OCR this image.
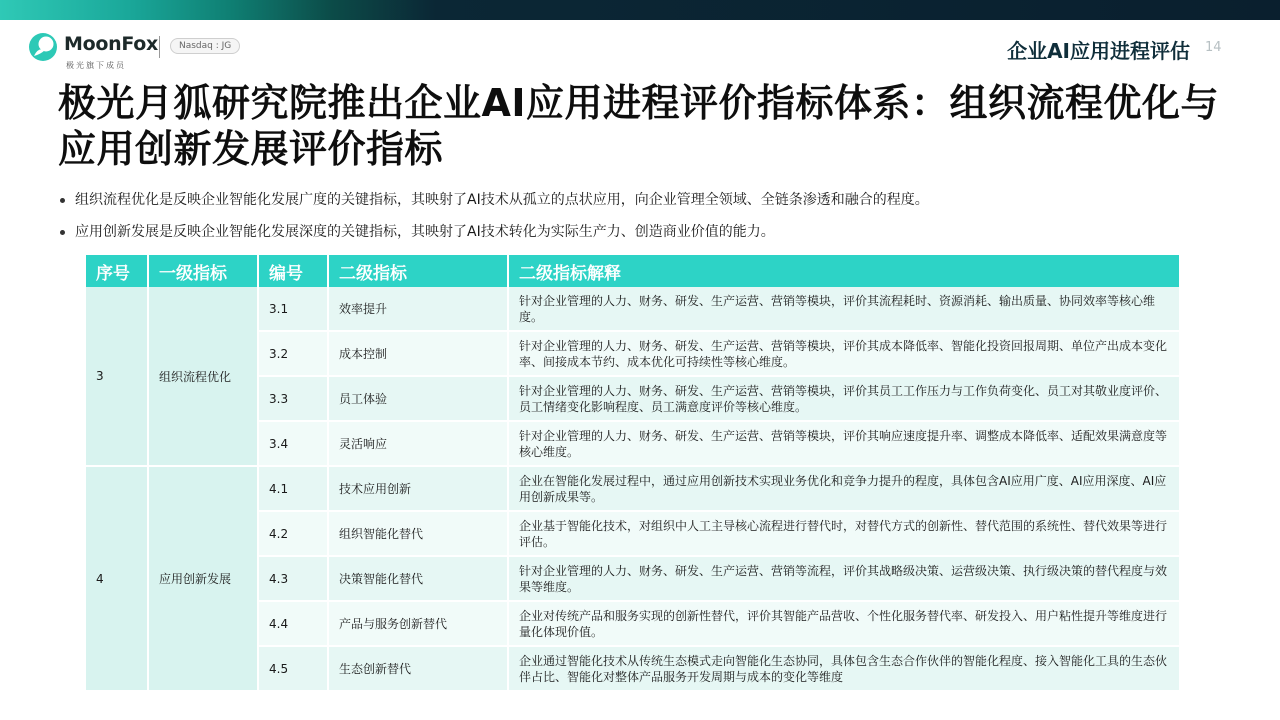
MoonFox
极光旗下成员
Nasdaq : JG	企业AI应用进程评估 14
极光月狐研究院推出企业AI应用进程评价指标体系：组织流程优化与应用创新发展评价指标
组织流程优化是反映企业智能化发展广度的关键指标，其映射了AI技术从孤立的点状应用，向企业管理全领域、全链条渗透和融合的程度。
应用创新发展是反映企业智能化发展深度的关键指标，其映射了AI技术转化为实际生产力、创造商业价值的能力。
序号	一级指标	编号	二级指标	二级指标解释
3	组织流程优化	3.1	效率提升	针对企业管理的人力、财务、研发、生产运营、营销等模块，评价其流程耗时、资源消耗、输出质量、协同效率等核心维度。
		3.2	成本控制	针对企业管理的人力、财务、研发、生产运营、营销等模块，评价其成本降低率、智能化投资回报周期、单位产出成本变化率、间接成本节约、成本优化可持续性等核心维度。
		3.3	员工体验	针对企业管理的人力、财务、研发、生产运营、营销等模块，评价其员工工作压力与工作负荷变化、员工对其敬业度评价、员工情绪变化影响程度、员工满意度评价等核心维度。
		3.4	灵活响应	针对企业管理的人力、财务、研发、生产运营、营销等模块，评价其响应速度提升率、调整成本降低率、适配效果满意度等核心维度。
4	应用创新发展	4.1	技术应用创新	企业在智能化发展过程中，通过应用创新技术实现业务优化和竞争力提升的程度，具体包含AI应用广度、AI应用深度、AI应用创新成果等。
		4.2	组织智能化替代	企业基于智能化技术，对组织中人工主导核心流程进行替代时，对替代方式的创新性、替代范围的系统性、替代效果等进行评估。
		4.3	决策智能化替代	针对企业管理的人力、财务、研发、生产运营、营销等流程，评价其战略级决策、运营级决策、执行级决策的替代程度与效果等维度。
		4.4	产品与服务创新替代	企业对传统产品和服务实现的创新性替代，评价其智能产品营收、个性化服务替代率、研发投入、用户粘性提升等维度进行量化体现价值。
		4.5	生态创新替代	企业通过智能化技术从传统生态模式走向智能化生态协同，具体包含生态合作伙伴的智能化程度、接入智能化工具的生态伙伴占比、智能化对整体产品服务开发周期与成本的变化等维度
